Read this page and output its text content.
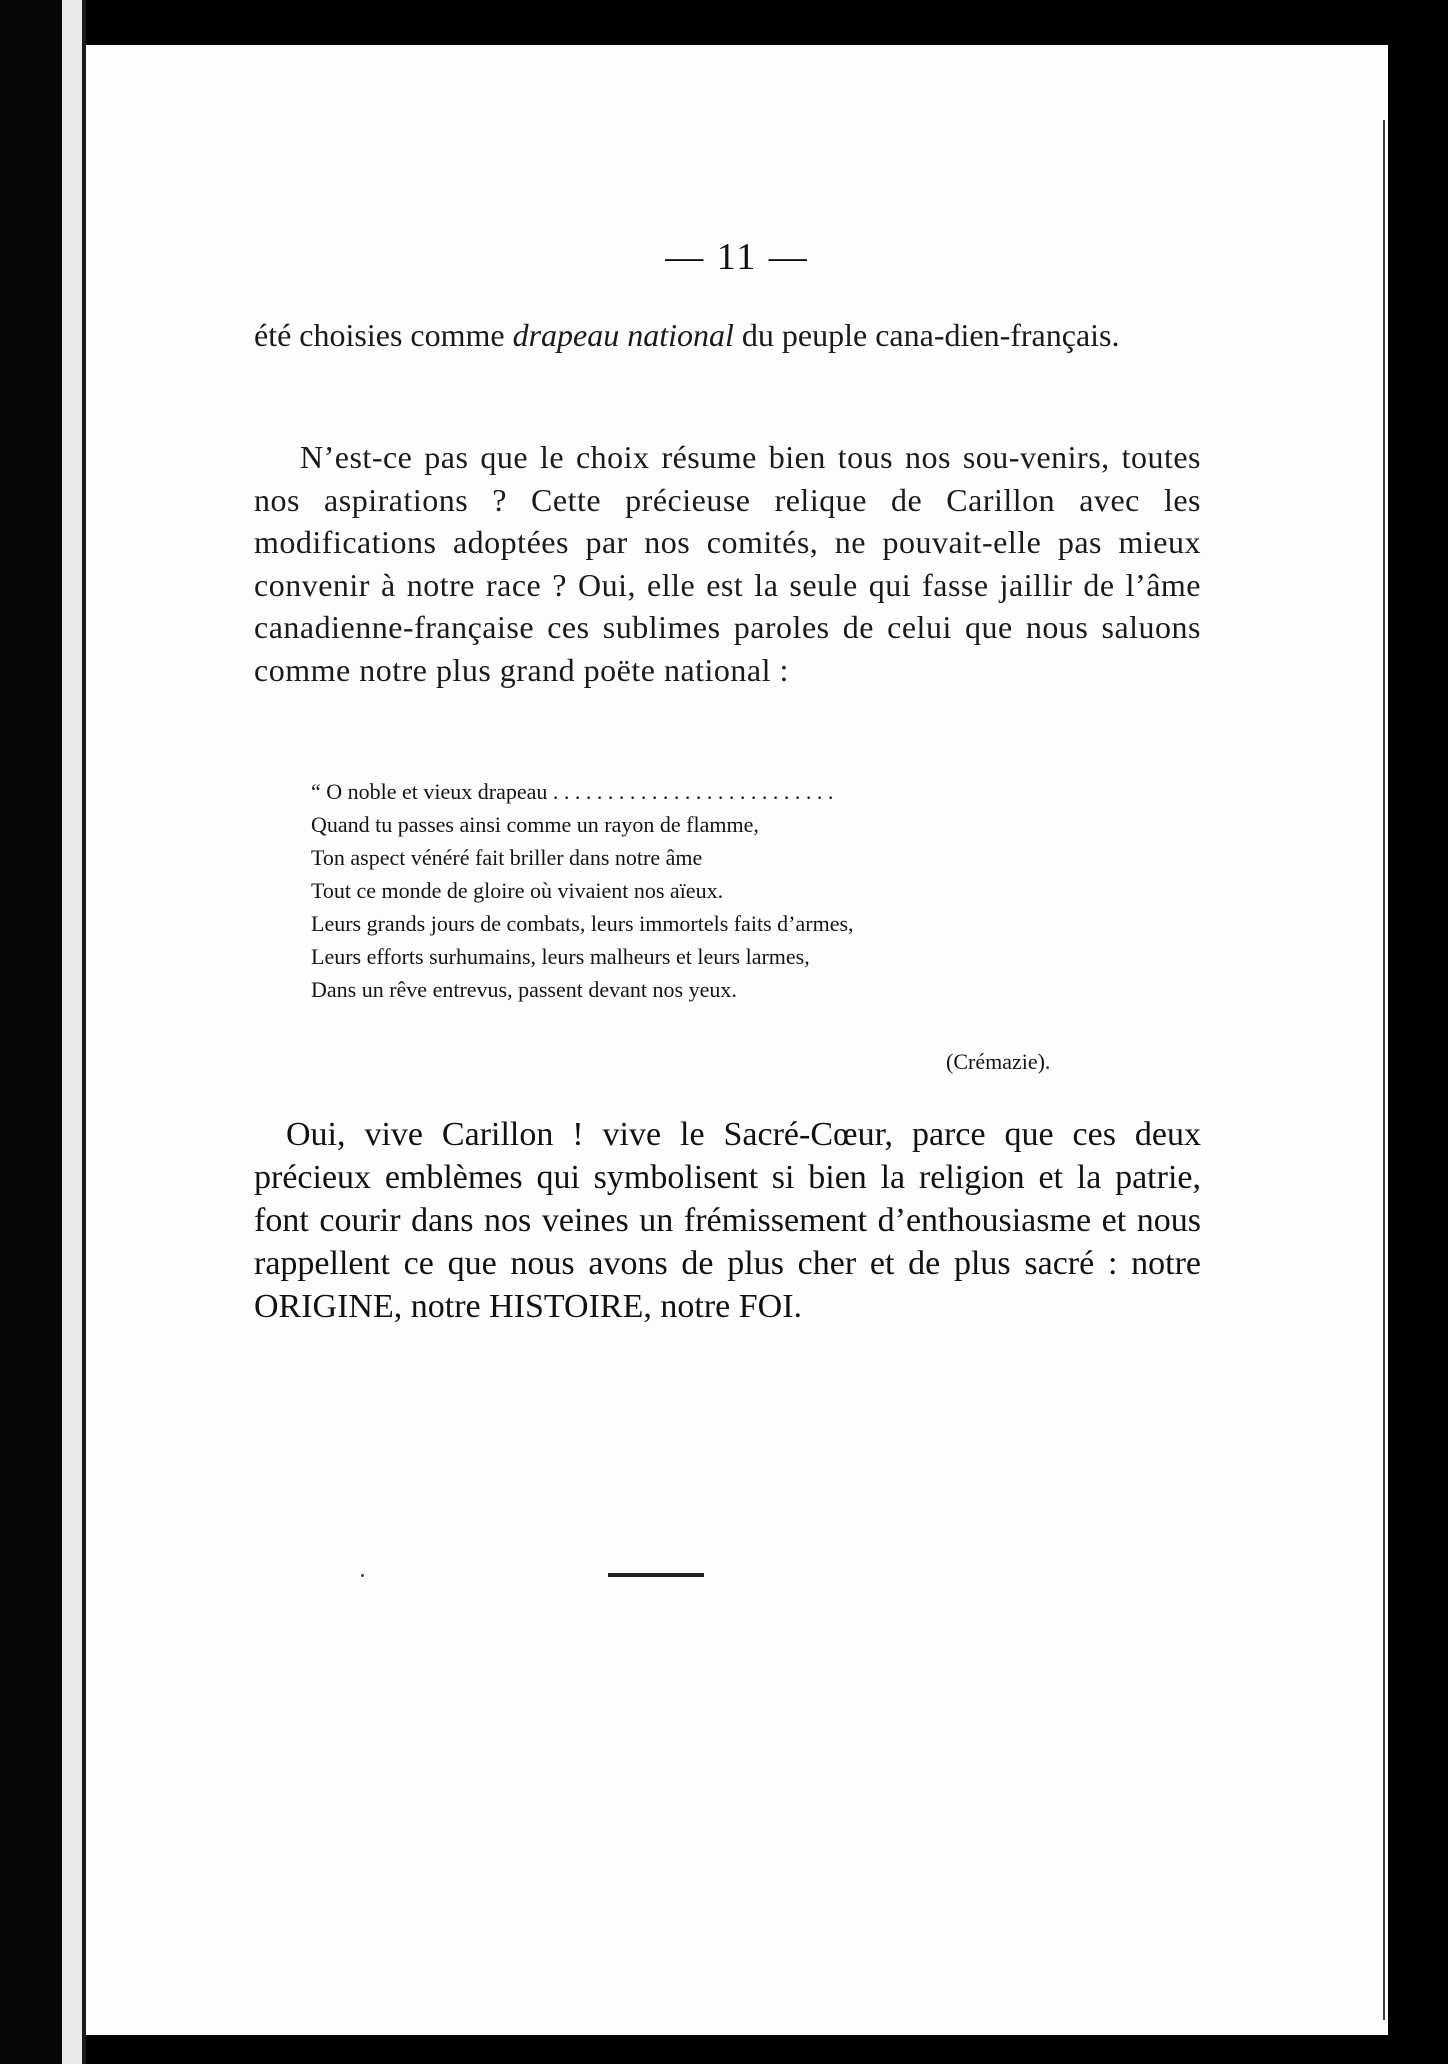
— 11 —
été choisies comme drapeau national du peuple cana-dien-français.
N’est-ce pas que le choix résume bien tous nos sou-venirs, toutes nos aspirations ? Cette précieuse relique de Carillon avec les modifications adoptées par nos comités, ne pouvait-elle pas mieux convenir à notre race ? Oui, elle est la seule qui fasse jaillir de l’âme canadienne-française ces sublimes paroles de celui que nous saluons comme notre plus grand poëte national :
“ O noble et vieux drapeau . . . . . . . . . . . . . . . . . . . . . . . . . .
Quand tu passes ainsi comme un rayon de flamme,
Ton aspect vénéré fait briller dans notre âme
Tout ce monde de gloire où vivaient nos aïeux.
Leurs grands jours de combats, leurs immortels faits d’armes,
Leurs efforts surhumains, leurs malheurs et leurs larmes,
Dans un rêve entrevus, passent devant nos yeux.
(Crémazie).
Oui, vive Carillon ! vive le Sacré-Cœur, parce que ces deux précieux emblèmes qui symbolisent si bien la religion et la patrie, font courir dans nos veines un frémissement d’enthousiasme et nous rappellent ce que nous avons de plus cher et de plus sacré : notre ORIGINE, notre HISTOIRE, notre FOI.
